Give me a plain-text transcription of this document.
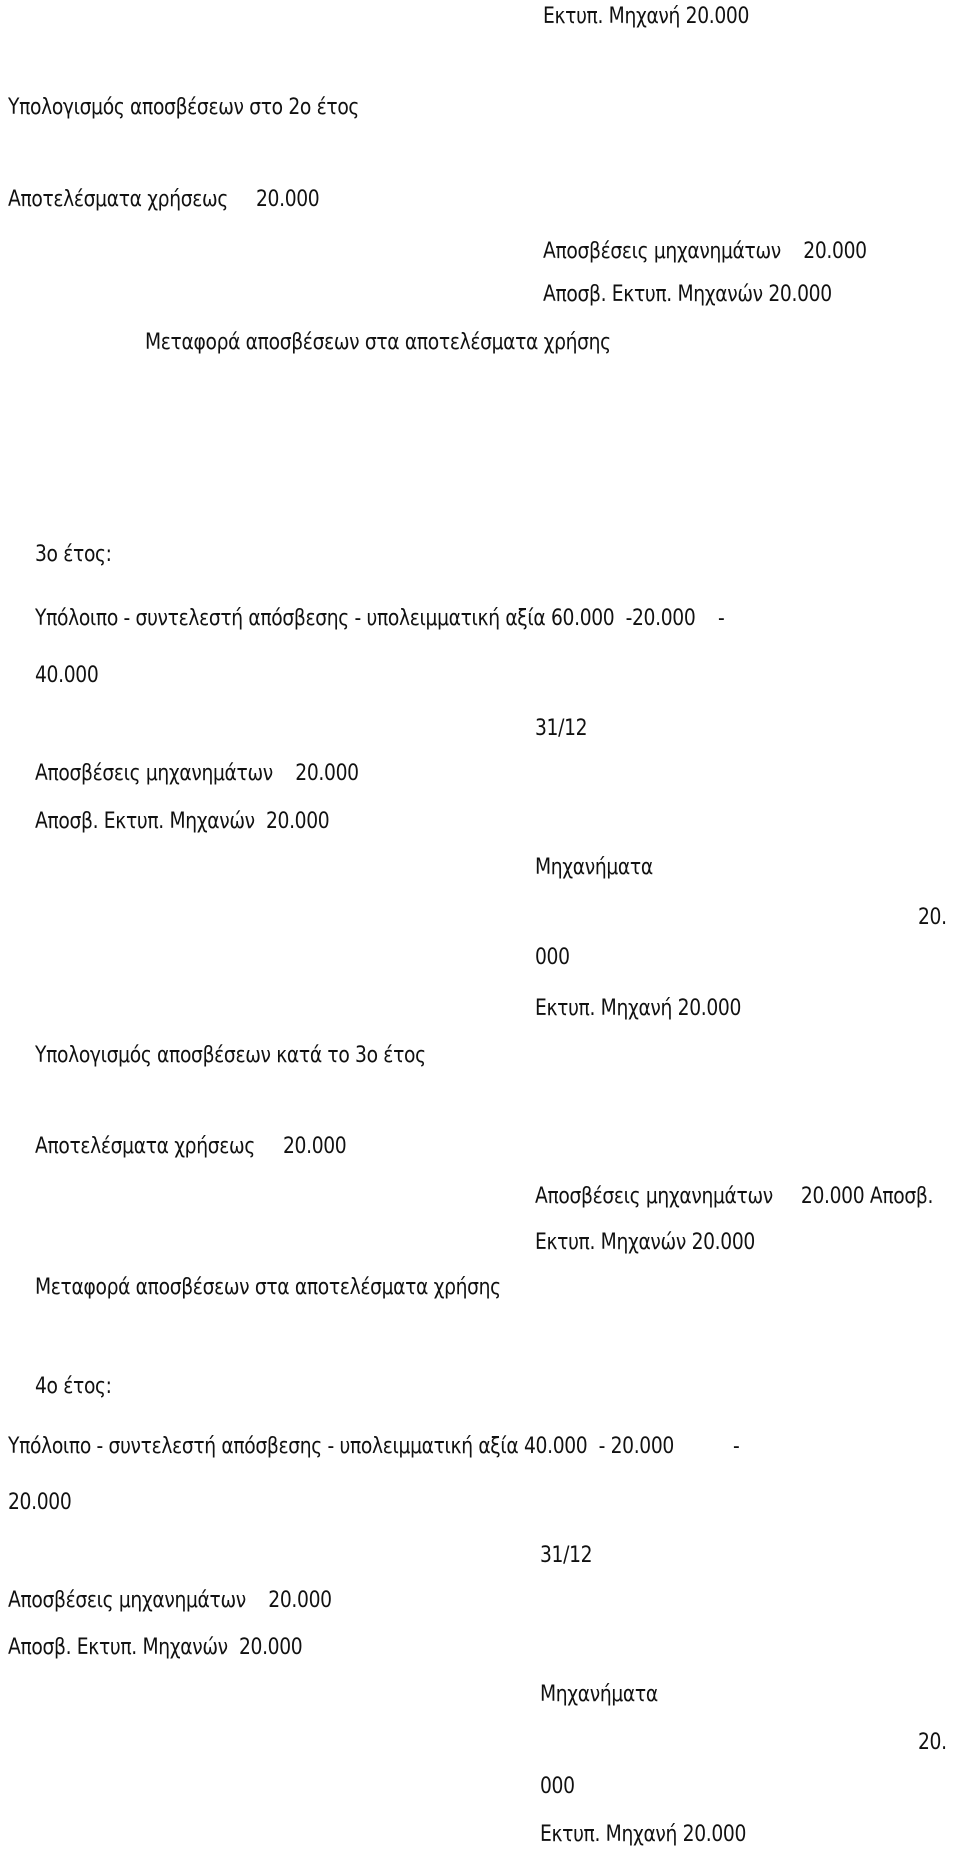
Εκτυπ. Μηχανή 20.000
Υπολογισμός αποσβέσεων στο 2ο έτος
Αποτελέσματα χρήσεως     20.000
Αποσβέσεις μηχανημάτων    20.000
Αποσβ. Εκτυπ. Μηχανών 20.000
Μεταφορά αποσβέσεων στα αποτελέσματα χρήσης
3ο έτος:
Υπόλοιπο - συντελεστή απόσβεσης - υπολειμματική αξία 60.000  -20.000 -
40.000
31/12
Αποσβέσεις μηχανημάτων    20.000
Αποσβ. Εκτυπ. Μηχανών  20.000
Μηχανήματα
20.
000
Εκτυπ. Μηχανή 20.000
Υπολογισμός αποσβέσεων κατά το 3ο έτος
Αποτελέσματα χρήσεως     20.000
Αποσβέσεις μηχανημάτων     20.000 Αποσβ.
Εκτυπ. Μηχανών 20.000
Μεταφορά αποσβέσεων στα αποτελέσματα χρήσης
4ο έτος:
Υπόλοιπο - συντελεστή απόσβεσης - υπολειμματική αξία 40.000  - 20.000	-
20.000
31/12
Αποσβέσεις μηχανημάτων    20.000
Αποσβ. Εκτυπ. Μηχανών  20.000
Μηχανήματα
20.
000
Εκτυπ. Μηχανή 20.000
